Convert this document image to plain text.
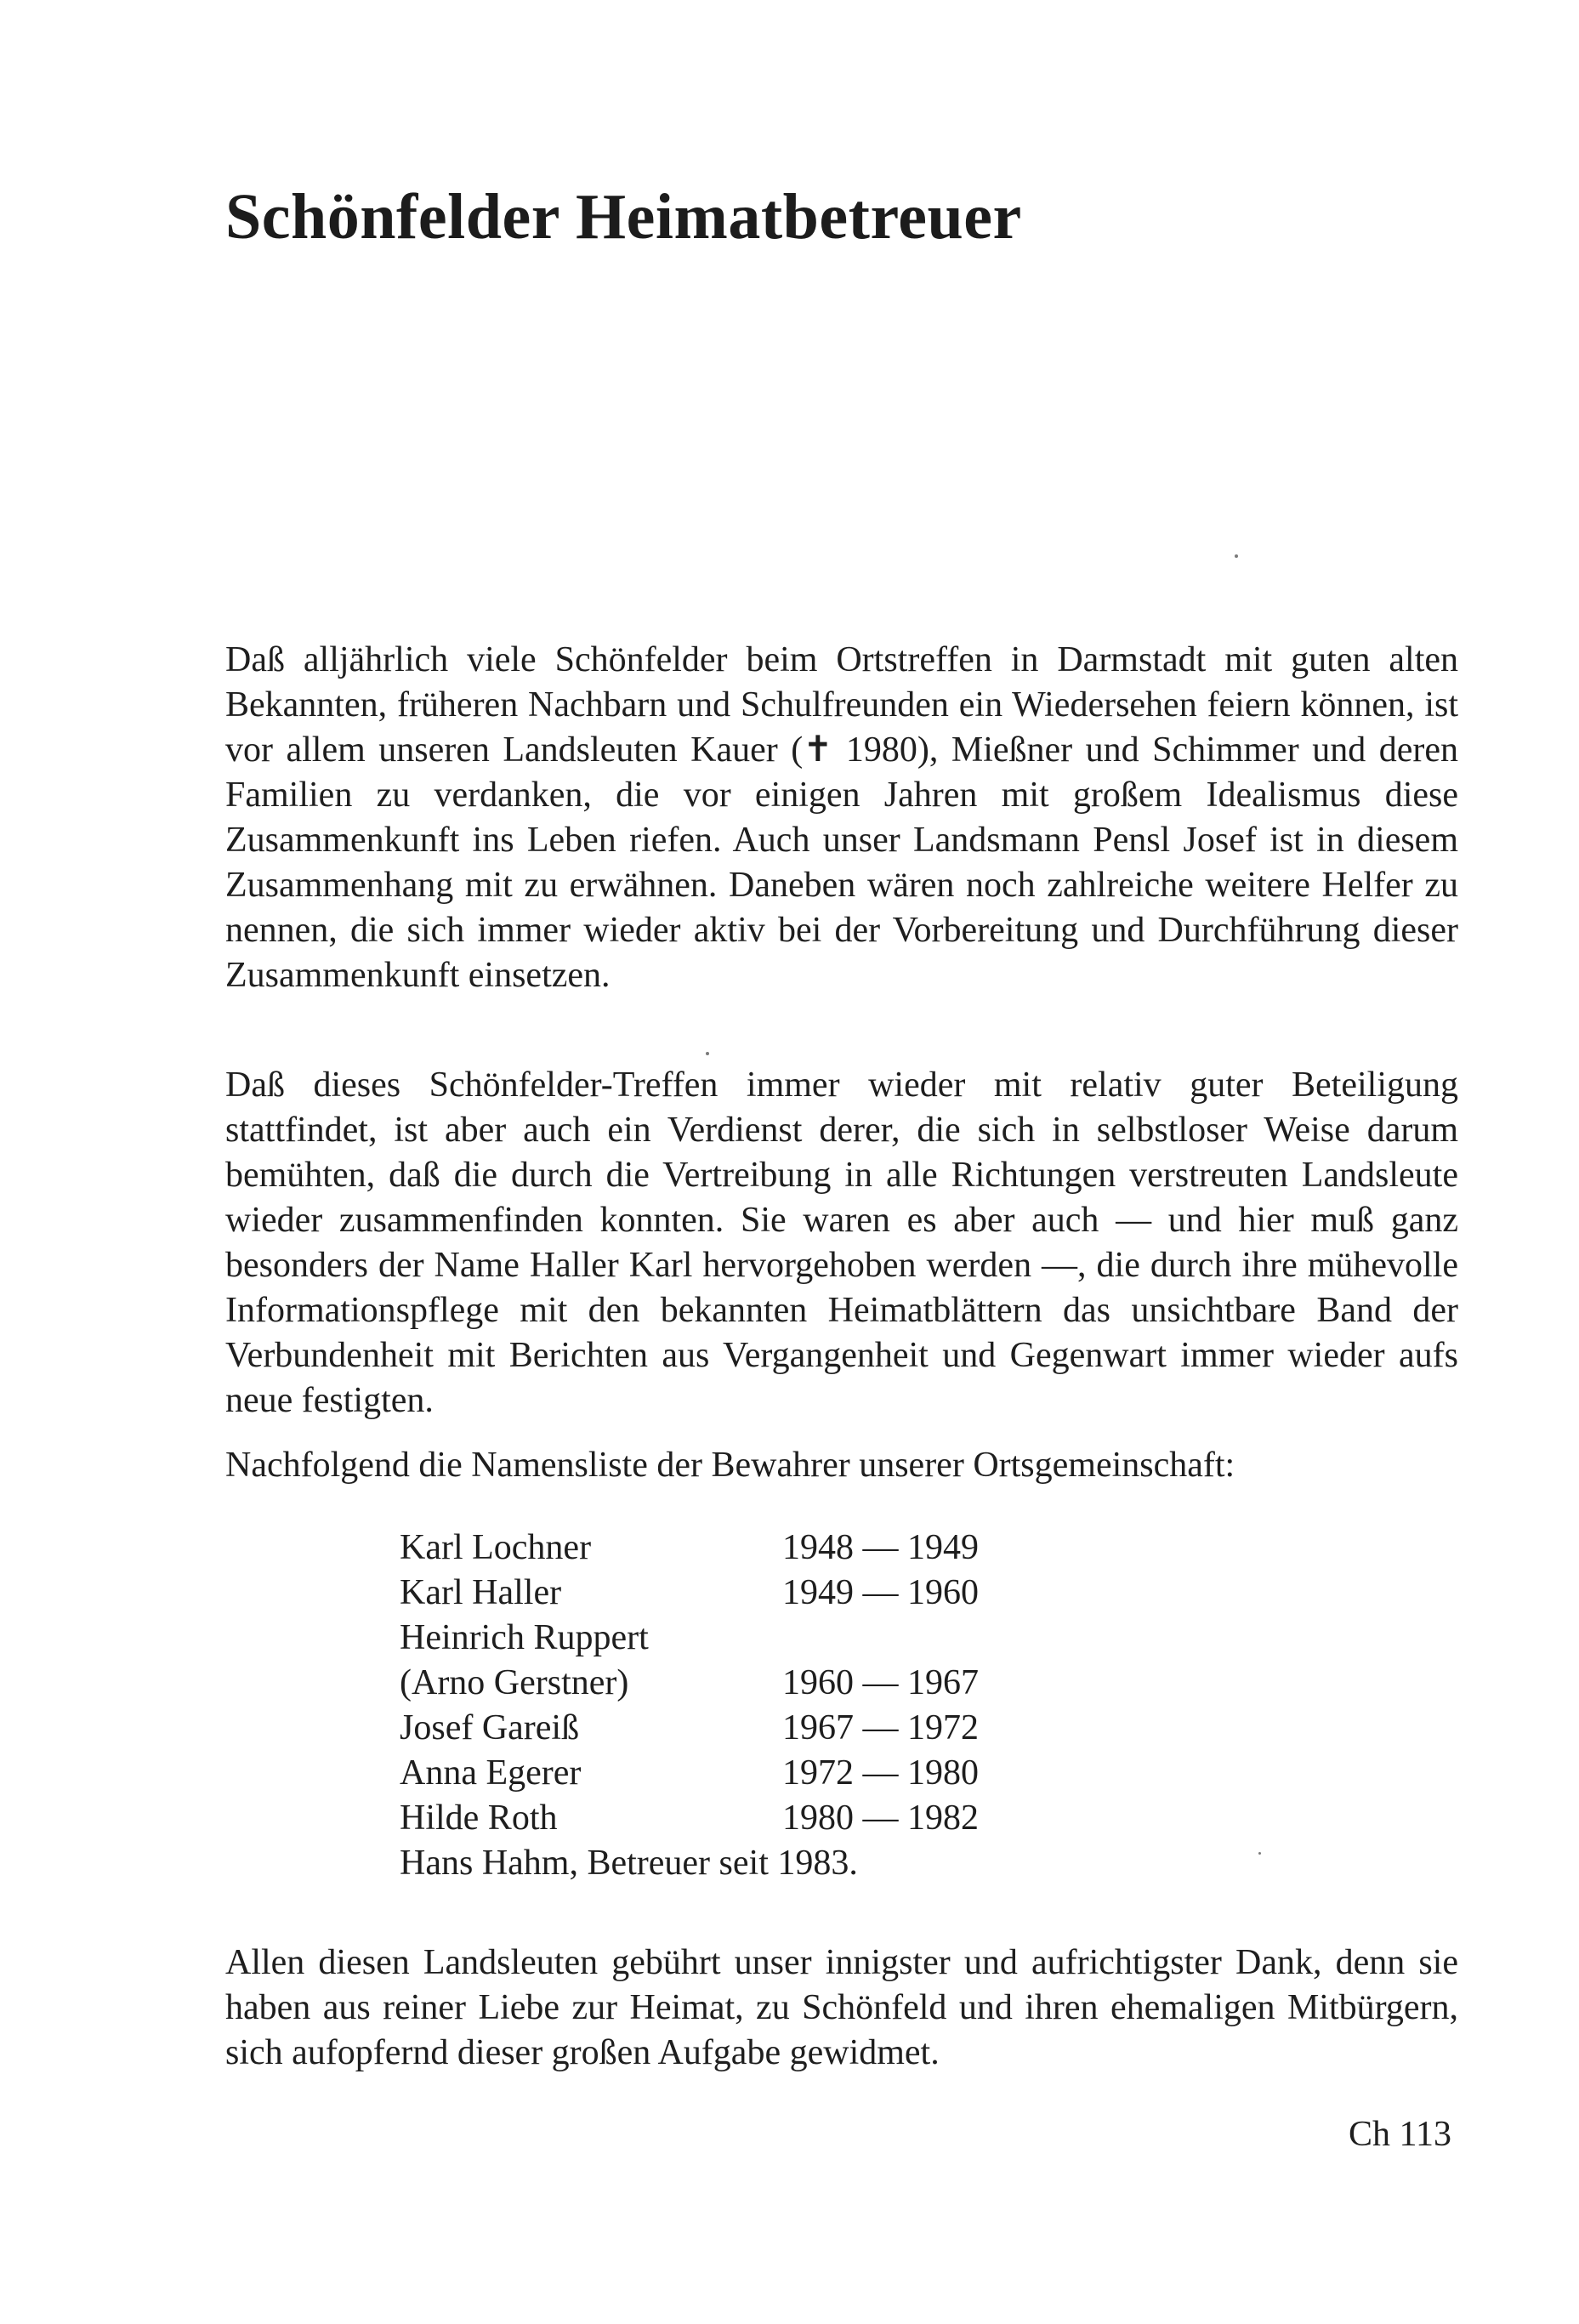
Schönfelder Heimatbetreuer

Daß alljährlich viele Schönfelder beim Ortstreffen in Darmstadt mit guten alten Bekannten, früheren Nachbarn und Schulfreunden ein Wiedersehen feiern können, ist vor allem unseren Landsleuten Kauer (✝ 1980), Mießner und Schimmer und deren Familien zu verdanken, die vor einigen Jahren mit großem Idealismus diese Zusammenkunft ins Leben riefen. Auch unser Landsmann Pensl Josef ist in diesem Zusammenhang mit zu erwähnen. Daneben wären noch zahlreiche weitere Helfer zu nennen, die sich immer wieder aktiv bei der Vorbereitung und Durchführung dieser Zusammenkunft einsetzen.

Daß dieses Schönfelder-Treffen immer wieder mit relativ guter Beteiligung stattfindet, ist aber auch ein Verdienst derer, die sich in selbstloser Weise darum bemühten, daß die durch die Vertreibung in alle Richtungen verstreuten Landsleute wieder zusammenfinden konnten. Sie waren es aber auch — und hier muß ganz besonders der Name Haller Karl hervorgehoben werden —, die durch ihre mühevolle Informationspflege mit den bekannten Heimatblättern das unsichtbare Band der Verbundenheit mit Berichten aus Vergangenheit und Gegenwart immer wieder aufs neue festigten.

Nachfolgend die Namensliste der Bewahrer unserer Ortsgemeinschaft:

Karl Lochner	1948 — 1949
Karl Haller	1949 — 1960
Heinrich Ruppert
(Arno Gerstner)	1960 — 1967
Josef Gareiß	1967 — 1972
Anna Egerer	1972 — 1980
Hilde Roth	1980 — 1982
Hans Hahm, Betreuer seit 1983.

Allen diesen Landsleuten gebührt unser innigster und aufrichtigster Dank, denn sie haben aus reiner Liebe zur Heimat, zu Schönfeld und ihren ehemaligen Mitbürgern, sich aufopfernd dieser großen Aufgabe gewidmet.

Ch 113
